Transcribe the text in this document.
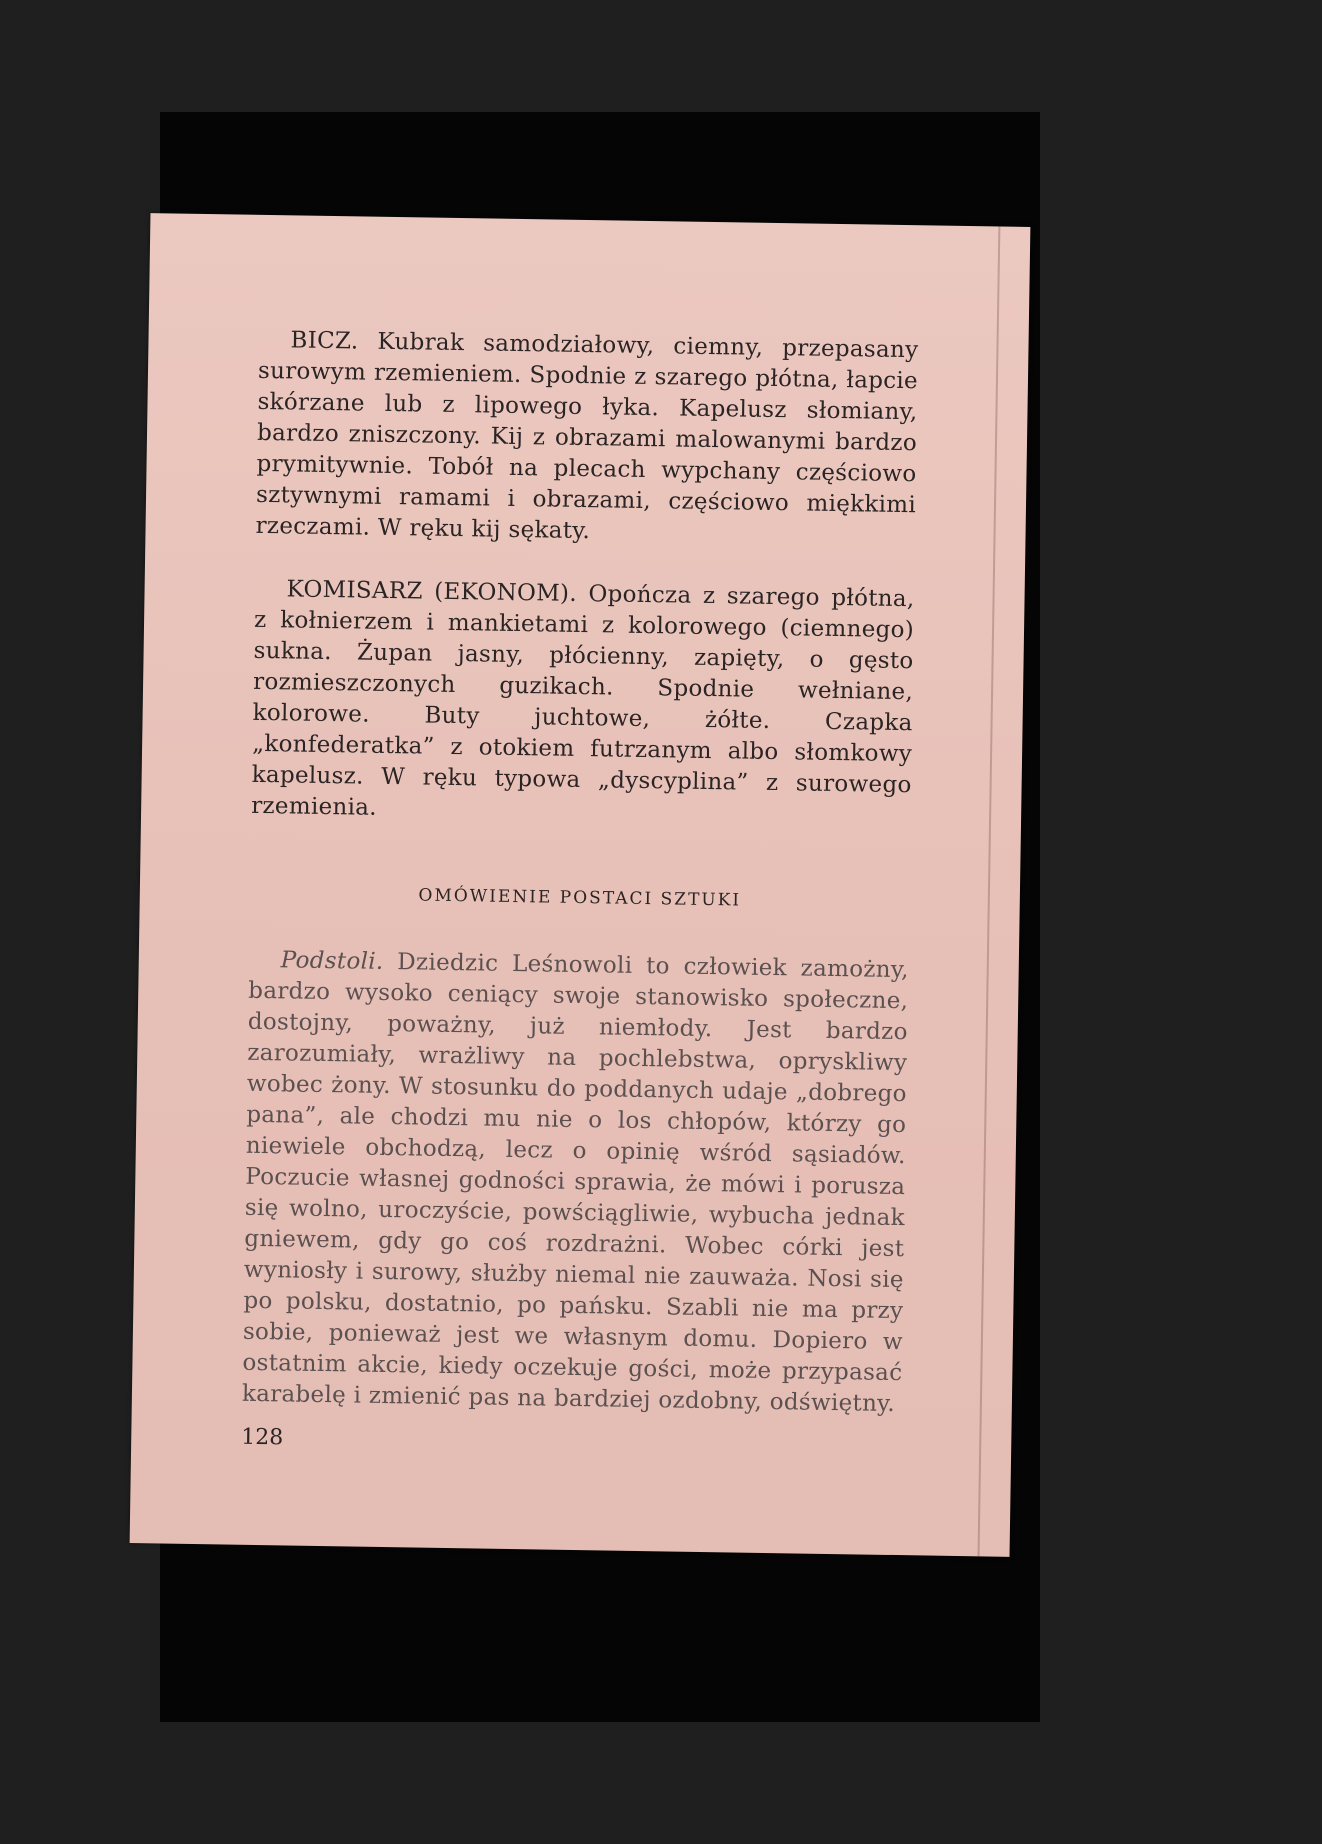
BICZ. Kubrak samodziałowy, ciemny, przepasany surowym rzemieniem. Spodnie z szarego płótna, łapcie skórzane lub z lipowego łyka. Kapelusz słomiany, bardzo zniszczony. Kij z obrazami malowanymi bardzo prymitywnie. Tobół na plecach wypchany częściowo sztywnymi ramami i obrazami, częściowo miękkimi rzeczami. W ręku kij sękaty.

KOMISARZ (EKONOM). Opończa z szarego płótna, z kołnierzem i mankietami z kolorowego (ciemnego) sukna. Żupan jasny, płócienny, zapięty, o gęsto rozmieszczonych guzikach. Spodnie wełniane, kolorowe. Buty juchtowe, żółte. Czapka „konfederatka” z otokiem futrzanym albo słomkowy kapelusz. W ręku typowa „dyscyplina” z surowego rzemienia.

OMÓWIENIE POSTACI SZTUKI

Podstoli. Dziedzic Leśnowoli to człowiek zamożny, bardzo wysoko ceniący swoje stanowisko społeczne, dostojny, poważny, już niemłody. Jest bardzo zarozumiały, wrażliwy na pochlebstwa, opryskliwy wobec żony. W stosunku do poddanych udaje „dobrego pana”, ale chodzi mu nie o los chłopów, którzy go niewiele obchodzą, lecz o opinię wśród sąsiadów. Poczucie własnej godności sprawia, że mówi i porusza się wolno, uroczyście, powściągliwie, wybucha jednak gniewem, gdy go coś rozdrażni. Wobec córki jest wyniosły i surowy, służby niemal nie zauważa. Nosi się po polsku, dostatnio, po pańsku. Szabli nie ma przy sobie, ponieważ jest we własnym domu. Dopiero w ostatnim akcie, kiedy oczekuje gości, może przypasać karabelę i zmienić pas na bardziej ozdobny, odświętny.

128
